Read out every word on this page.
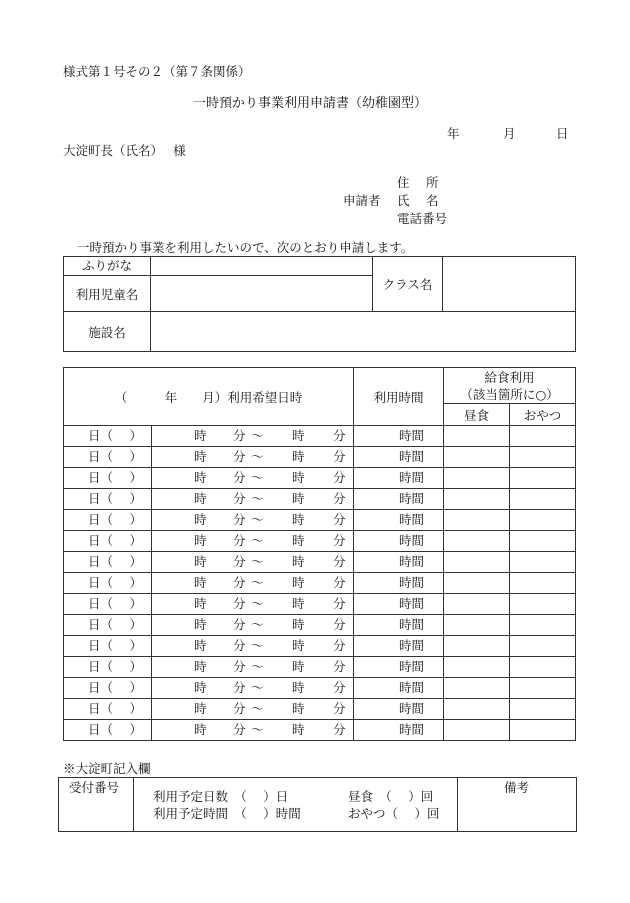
様式第１号その２（第７条関係）
一時預かり事業利用申請書（幼稚園型）
年	月	日
大淀町長（氏名）　 様
住　 所
申請者 氏　 名
電話番号
一時預かり事業を利用したいので、次のとおり申請します。
ふりがな		クラス名	
利用児童名			
施設名			
（　　　年　　月）利用希望日時		利用時間	給食利用
（該当箇所に○）	

			昼食	おやつ

日（　 ）	時 分 ～ 時 分	時間		

日（　 ）	時 分 ～ 時 分	時間		

日（　 ）	時 分 ～ 時 分	時間		

日（　 ）	時 分 ～ 時 分	時間		

日（　 ）	時 分 ～ 時 分	時間		

日（　 ）	時 分 ～ 時 分	時間		

日（　 ）	時 分 ～ 時 分	時間		

日（　 ）	時 分 ～ 時 分	時間		

日（　 ）	時 分 ～ 時 分	時間		

日（　 ）	時 分 ～ 時 分	時間		

日（　 ）	時 分 ～ 時 分	時間		

日（　 ）	時 分 ～ 時 分	時間		

日（　 ）	時 分 ～ 時 分	時間		

日（　 ）	時 分 ～ 時 分	時間		

日（　 ）	時 分 ～ 時 分	時間		

※大淀町記入欄
受付番号

利用予定日数　（　 ）日
利用予定時間　（　 ）時間
昼食　（　 ）回
おやつ（　 ）回

備考
